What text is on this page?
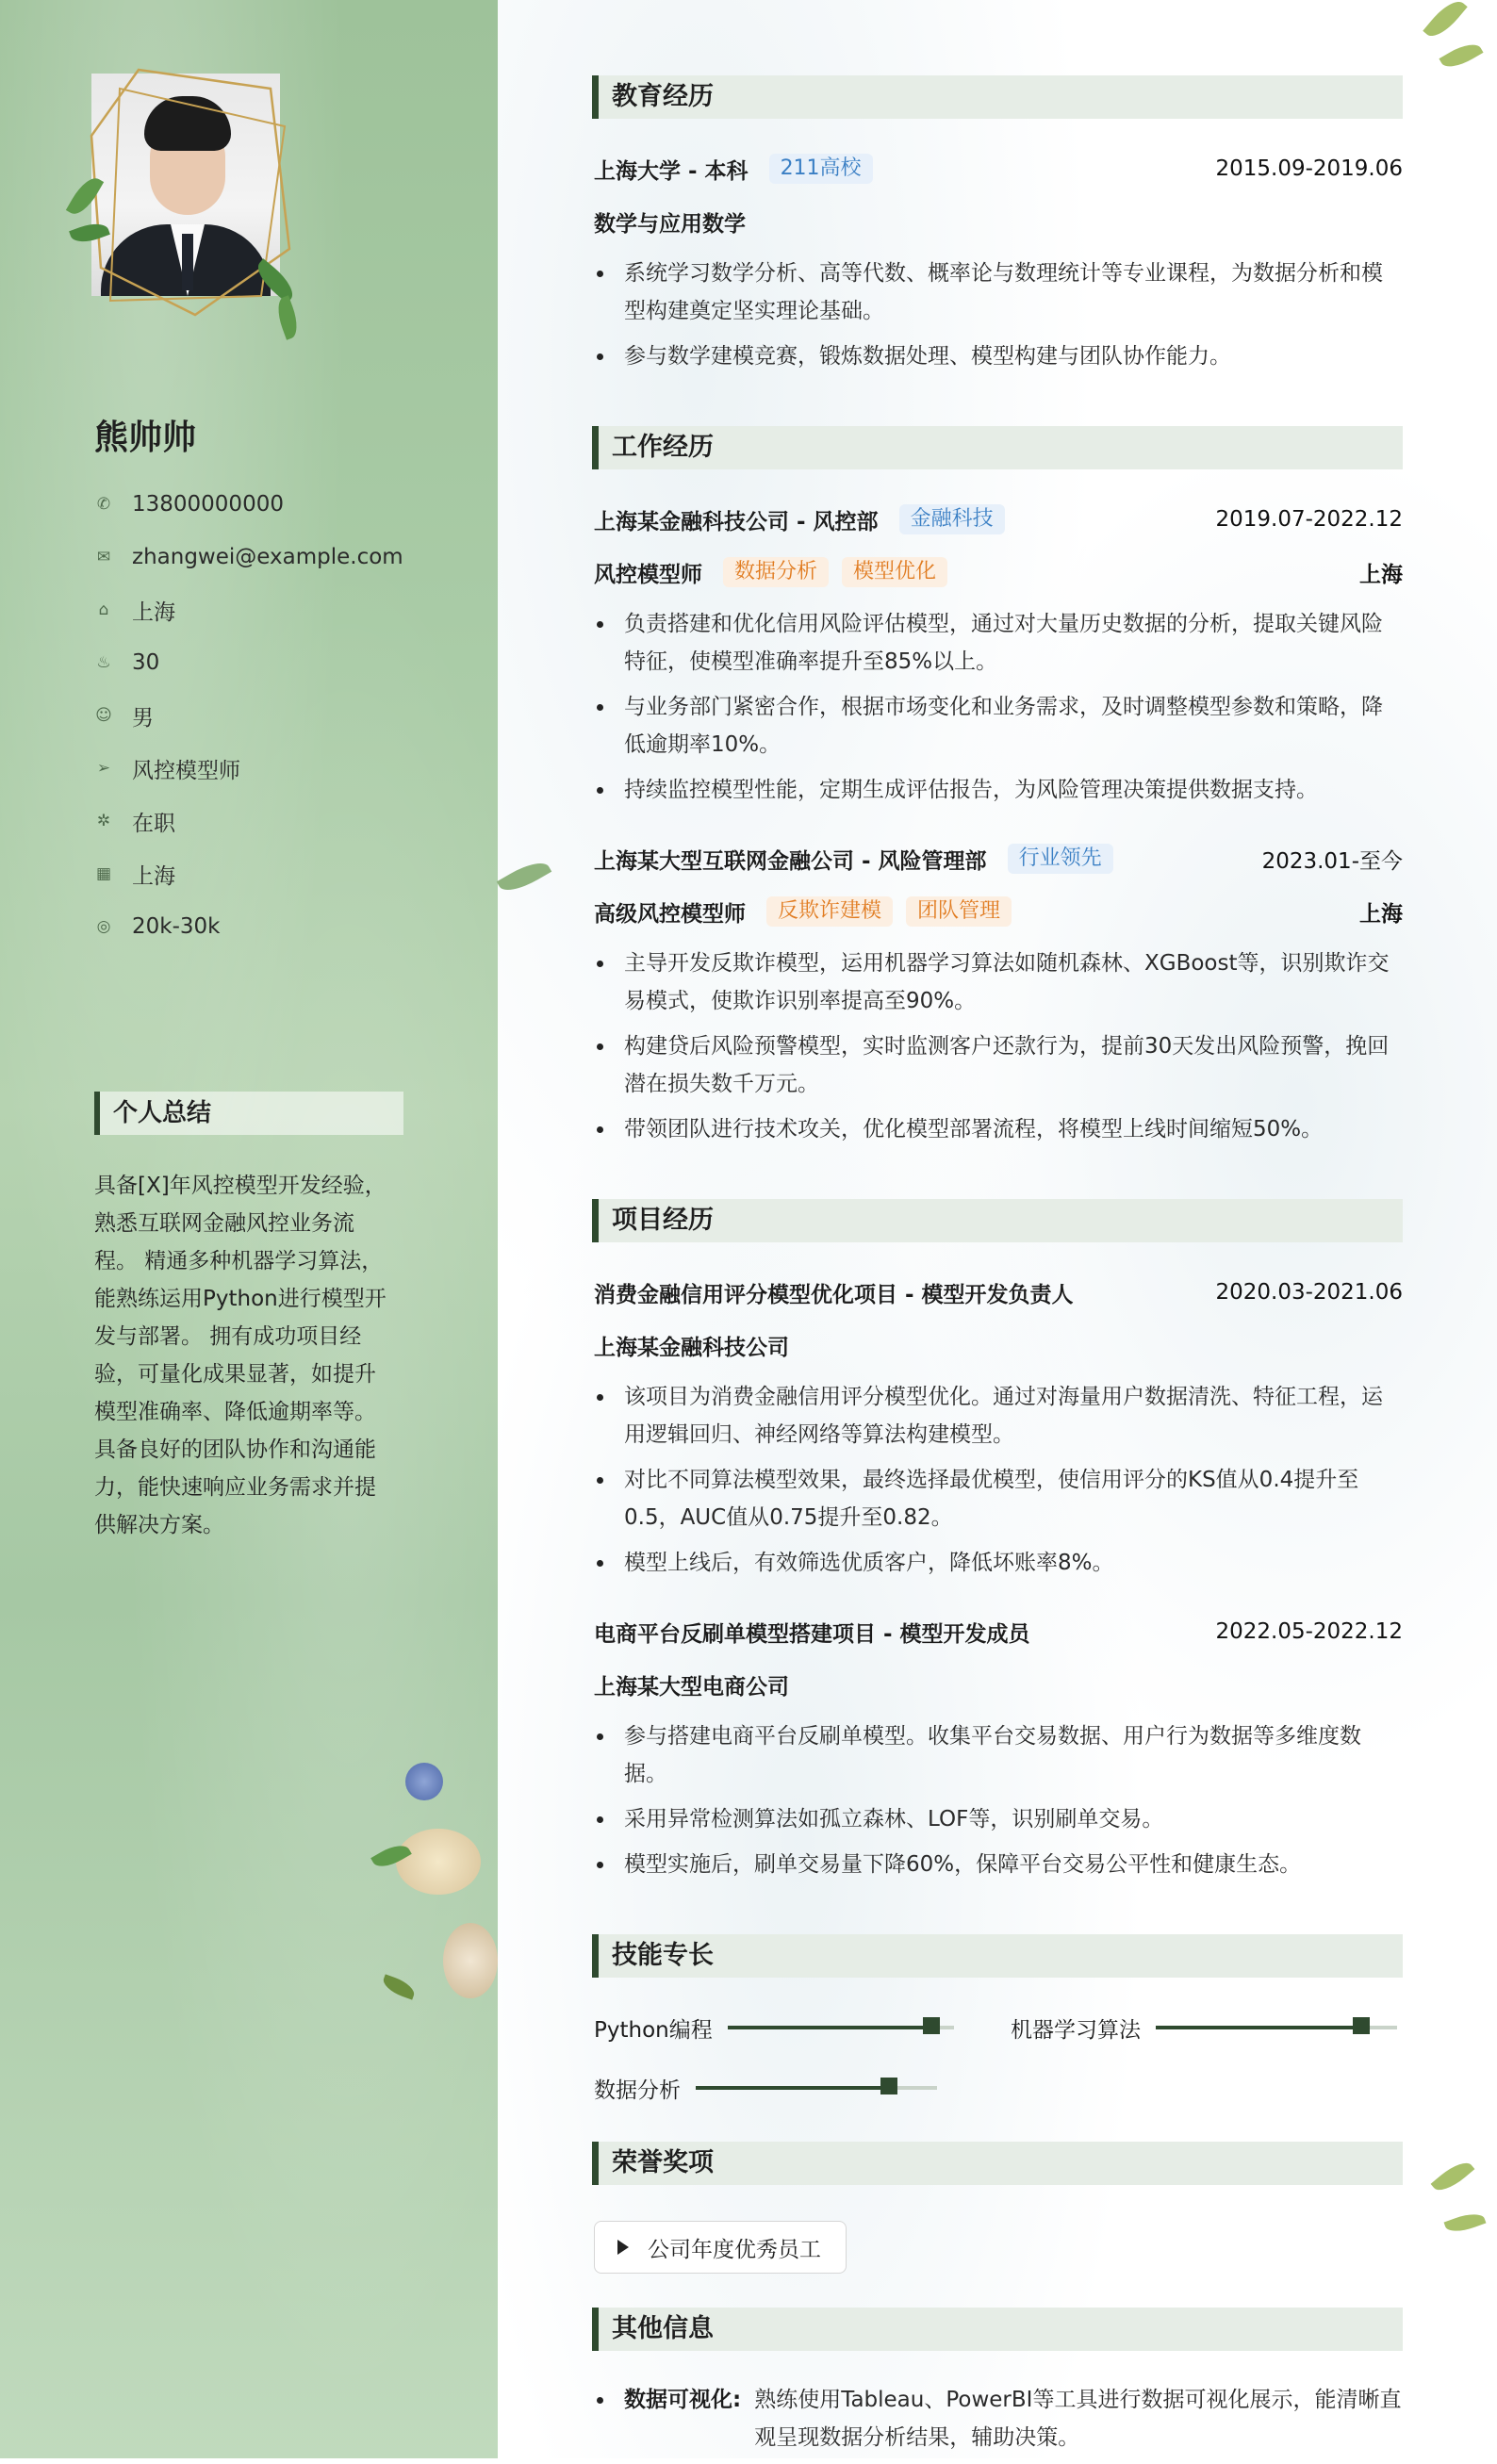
熊帅帅
✆ 13800000000
✉ zhangwei@example.com
⌂ 上海
♨ 30
☺ 男
➢ 风控模型师
✲ 在职
▦ 上海
◎ 20k-30k
个人总结
具备[X]年风控模型开发经验，熟悉互联网金融风控业务流程。 精通多种机器学习算法，能熟练运用Python进行模型开发与部署。 拥有成功项目经验，可量化成果显著，如提升模型准确率、降低逾期率等。 具备良好的团队协作和沟通能力，能快速响应业务需求并提供解决方案。
教育经历
上海大学 - 本科	211高校	2015.09-2019.06
数学与应用数学
系统学习数学分析、高等代数、概率论与数理统计等专业课程，为数据分析和模型构建奠定坚实理论基础。
参与数学建模竞赛，锻炼数据处理、模型构建与团队协作能力。
工作经历
上海某金融科技公司 - 风控部	金融科技	2019.07-2022.12
风控模型师	数据分析	模型优化	上海
负责搭建和优化信用风险评估模型，通过对大量历史数据的分析，提取关键风险特征，使模型准确率提升至85%以上。
与业务部门紧密合作，根据市场变化和业务需求，及时调整模型参数和策略，降低逾期率10%。
持续监控模型性能，定期生成评估报告，为风险管理决策提供数据支持。
上海某大型互联网金融公司 - 风险管理部	行业领先	2023.01-至今
高级风控模型师	反欺诈建模	团队管理	上海
主导开发反欺诈模型，运用机器学习算法如随机森林、XGBoost等，识别欺诈交易模式，使欺诈识别率提高至90%。
构建贷后风险预警模型，实时监测客户还款行为，提前30天发出风险预警，挽回潜在损失数千万元。
带领团队进行技术攻关，优化模型部署流程，将模型上线时间缩短50%。
项目经历
消费金融信用评分模型优化项目 - 模型开发负责人	2020.03-2021.06
上海某金融科技公司
该项目为消费金融信用评分模型优化。通过对海量用户数据清洗、特征工程，运用逻辑回归、神经网络等算法构建模型。
对比不同算法模型效果，最终选择最优模型，使信用评分的KS值从0.4提升至0.5，AUC值从0.75提升至0.82。
模型上线后，有效筛选优质客户，降低坏账率8%。
电商平台反刷单模型搭建项目 - 模型开发成员	2022.05-2022.12
上海某大型电商公司
参与搭建电商平台反刷单模型。收集平台交易数据、用户行为数据等多维度数据。
采用异常检测算法如孤立森林、LOF等，识别刷单交易。
模型实施后，刷单交易量下降60%，保障平台交易公平性和健康生态。
技能专长
Python编程	机器学习算法
数据分析
荣誉奖项
公司年度优秀员工
其他信息
数据可视化: 熟练使用Tableau、PowerBI等工具进行数据可视化展示，能清晰直观呈现数据分析结果，辅助决策。
